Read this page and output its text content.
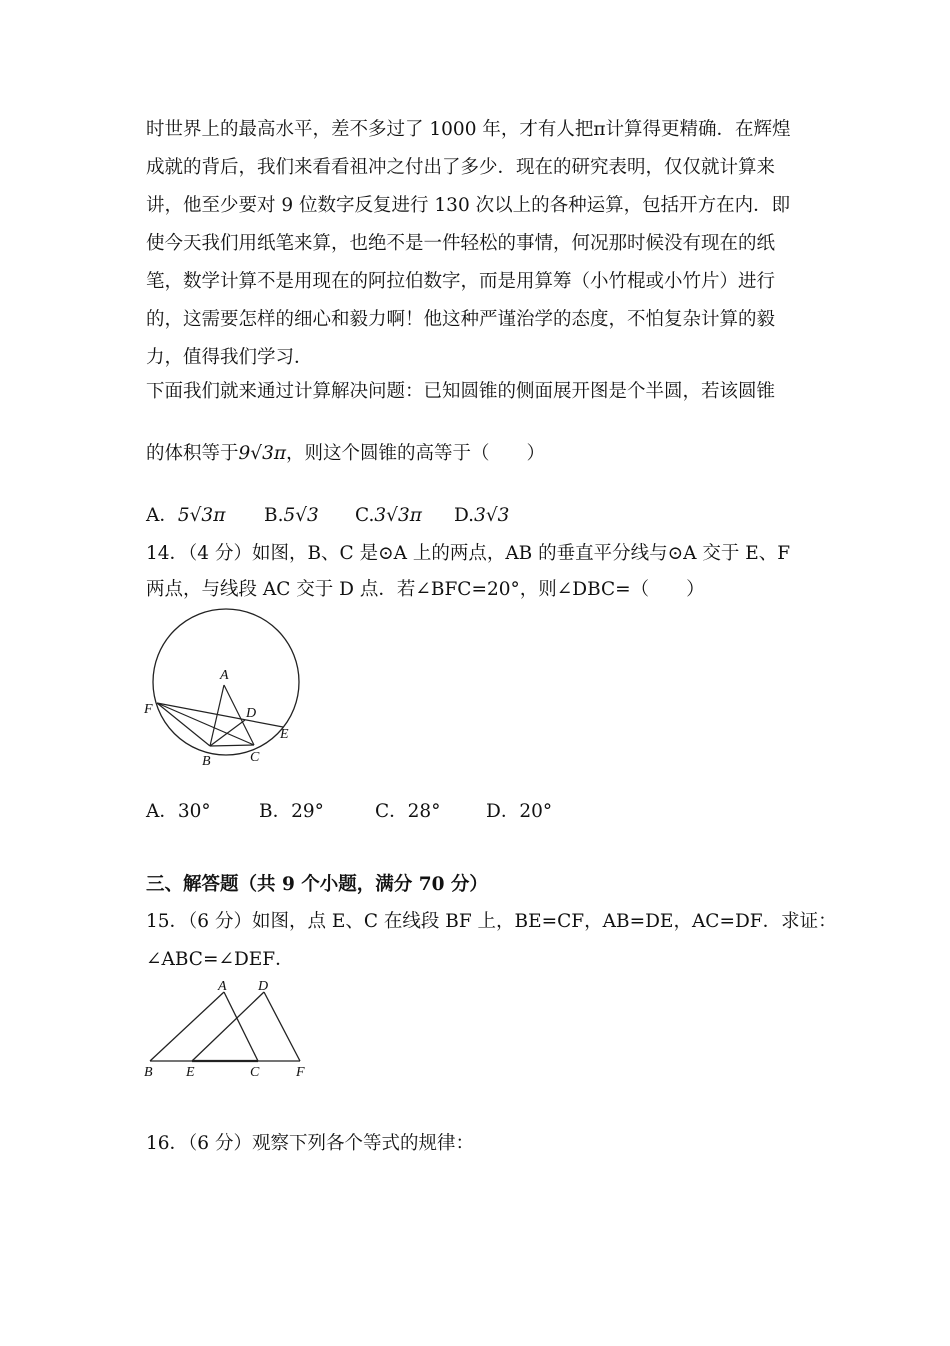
时世界上的最高水平，差不多过了 1000 年，才有人把π计算得更精确．在辉煌
成就的背后，我们来看看祖冲之付出了多少．现在的研究表明，仅仅就计算来
讲，他至少要对 9 位数字反复进行 130 次以上的各种运算，包括开方在内．即
使今天我们用纸笔来算，也绝不是一件轻松的事情，何况那时候没有现在的纸
笔，数学计算不是用现在的阿拉伯数字，而是用算筹（小竹棍或小竹片）进行
的，这需要怎样的细心和毅力啊！他这种严谨治学的态度，不怕复杂计算的毅
力，值得我们学习．
下面我们就来通过计算解决问题：已知圆锥的侧面展开图是个半圆，若该圆锥
的体积等于9√3π，则这个圆锥的高等于（　　）
A．5√3π B.5√3 C.3√3π D.3√3
14．（4 分）如图，B、C 是⊙A 上的两点，AB 的垂直平分线与⊙A 交于 E、F
两点，与线段 AC 交于 D 点．若∠BFC=20°，则∠DBC=（　　）
A
D
F
E
B	C
A．30°	B．29°	C．28° D．20°
三、解答题（共 9 个小题，满分 70 分）
15．（6 分）如图，点 E、C 在线段 BF 上，BE=CF，AB=DE，AC=DF．求证：
∠ABC=∠DEF．
A D
B E	C	F
16．（6 分）观察下列各个等式的规律：
